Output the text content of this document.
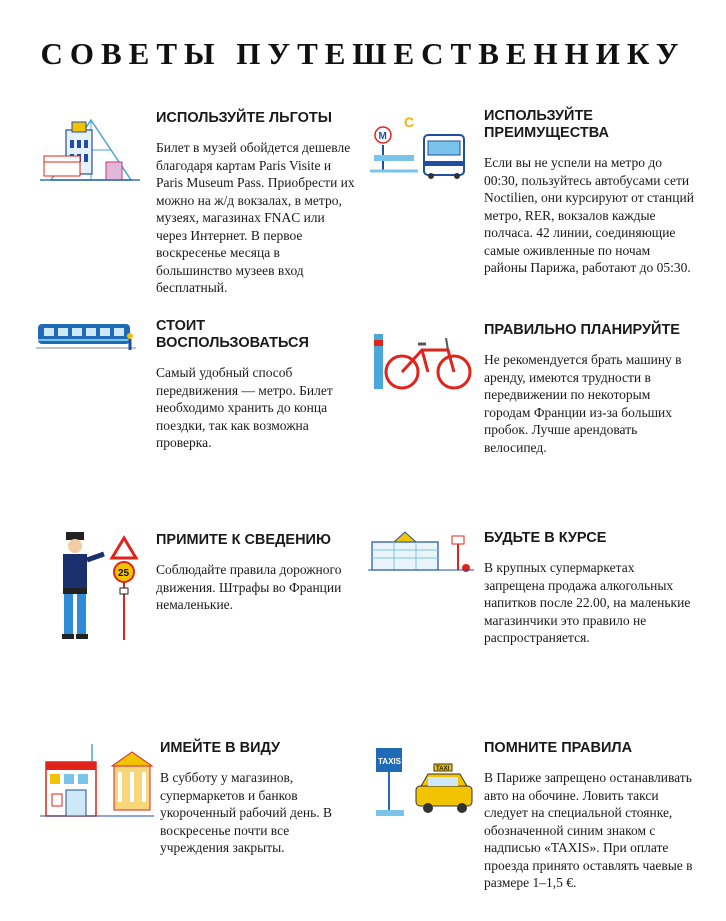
СОВЕТЫ ПУТЕШЕСТВЕННИКУ
ИСПОЛЬЗУЙТЕ ЛЬГОТЫ

Билет в музей обойдется дешевле благодаря картам Paris Visite и Paris Museum Pass. Приобрести их можно на ж/д вокзалах, в метро, музеях, магазинах FNAC или через Интернет. В первое воскресенье месяца в большинство музеев вход бесплатный.

C
M
ИСПОЛЬЗУЙТЕ ПРЕИМУЩЕСТВА

Если вы не успели на метро до 00:30, пользуйтесь автобусами сети Noctilien, они курсируют от станций метро, RER, вокзалов каждые полчаса. 42 линии, соединяющие самые оживленные по ночам районы Парижа, работают до 05:30.

СТОИТ ВОСПОЛЬЗОВАТЬСЯ

Самый удобный способ передвижения — метро. Билет необходимо хранить до конца поездки, так как возможна проверка.

ПРАВИЛЬНО ПЛАНИРУЙТЕ

Не рекомендуется брать машину в аренду, имеются трудности в передвижении по некоторым городам Франции из-за больших пробок. Лучше арендовать велосипед.

25
ПРИМИТЕ К СВЕДЕНИЮ

Соблюдайте правила дорожного движения. Штрафы во Франции немаленькие.

БУДЬТЕ В КУРСЕ

В крупных супермаркетах запрещена продажа алкогольных напитков после 22.00, на маленькие магазинчики это правило не распространяется.

ИМЕЙТЕ В ВИДУ

В субботу у магазинов, супермаркетов и банков укороченный рабочий день. В воскресенье почти все учреждения закрыты.

TAXIS
TAXI
ПОМНИТЕ ПРАВИЛА

В Париже запрещено останавливать авто на обочине. Ловить такси следует на специальной стоянке, обозначенной синим знаком с надписью «TAXIS». При оплате проезда принято оставлять чаевые в размере 1–1,5 €.
